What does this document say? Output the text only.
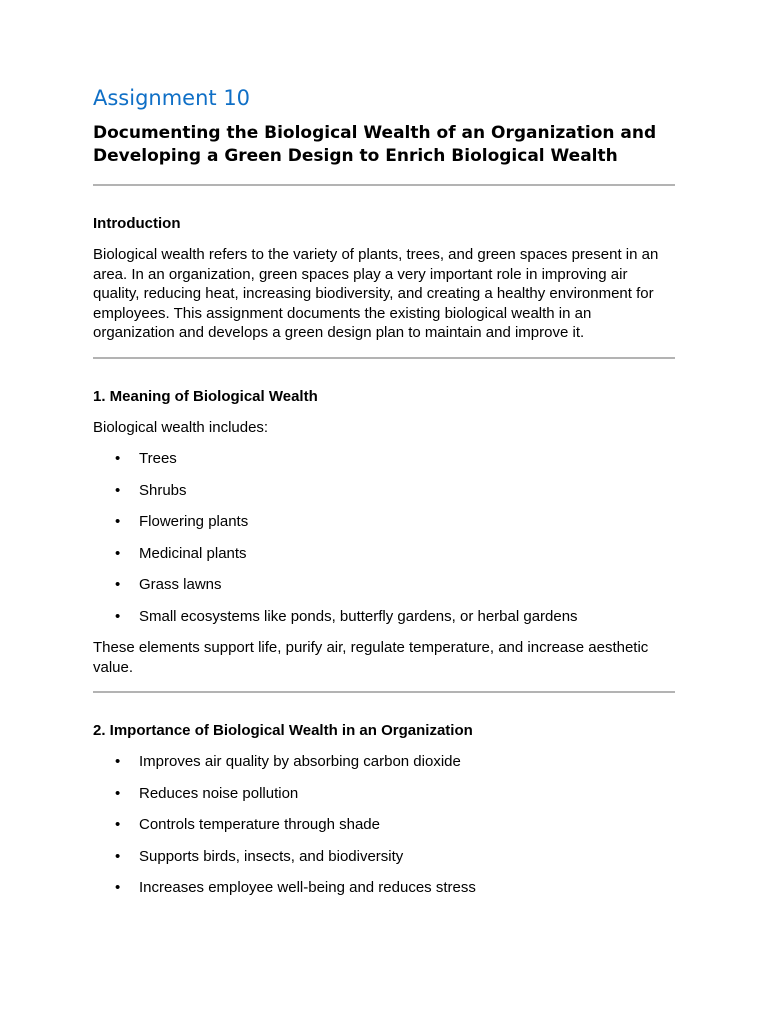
Assignment 10
Documenting the Biological Wealth of an Organization and Developing a Green Design to Enrich Biological Wealth
Introduction

Biological wealth refers to the variety of plants, trees, and green spaces present in an area. In an organization, green spaces play a very important role in improving air quality, reducing heat, increasing biodiversity, and creating a healthy environment for employees. This assignment documents the existing biological wealth in an organization and develops a green design plan to maintain and improve it.

1. Meaning of Biological Wealth

Biological wealth includes:

• Trees
• Shrubs
• Flowering plants
• Medicinal plants
• Grass lawns
• Small ecosystems like ponds, butterfly gardens, or herbal gardens

These elements support life, purify air, regulate temperature, and increase aesthetic value.

2. Importance of Biological Wealth in an Organization
• Improves air quality by absorbing carbon dioxide
• Reduces noise pollution
• Controls temperature through shade
• Supports birds, insects, and biodiversity
• Increases employee well-being and reduces stress
